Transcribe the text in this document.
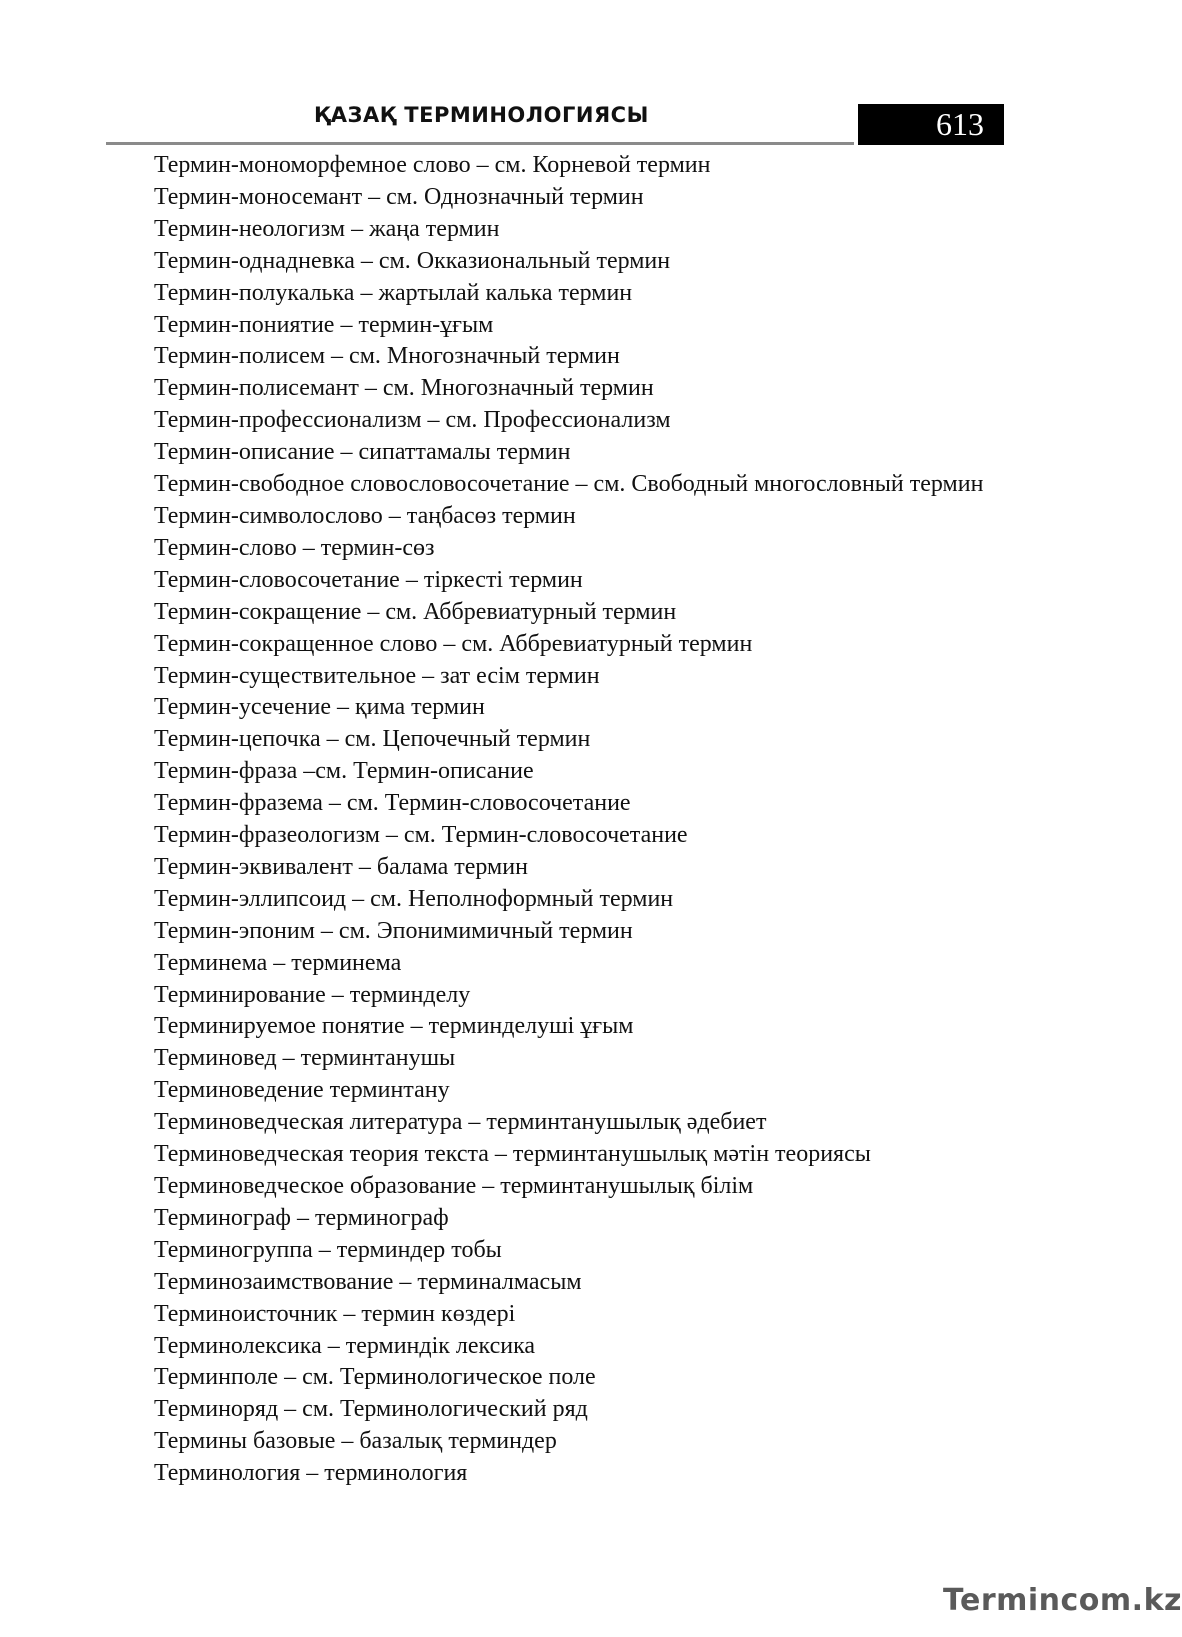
ҚАЗАҚ ТЕРМИНОЛОГИЯСЫ	613
Термин-мономорфемное слово – см. Корневой термин
Термин-моносемант – см. Однозначный термин
Термин-неологизм – жаңа термин
Термин-однадневка – см. Окказиональный термин
Термин-полукалька – жартылай калька термин
Термин-пониятие – термин-ұғым
Термин-полисем – см. Многозначный термин
Термин-полисемант – см. Многозначный термин
Термин-профессионализм – см. Профессионализм
Термин-описание – сипаттамалы термин
Термин-свободное словословосочетание – см. Свободный многословный термин
Термин-символослово – таңбасөз термин
Термин-слово – термин-сөз
Термин-словосочетание – тіркесті термин
Термин-сокращение – см. Аббревиатурный термин
Термин-сокращенное слово – см. Аббревиатурный термин
Термин-существительное – зат есім термин
Термин-усечение – қима термин
Термин-цепочка – см. Цепочечный термин
Термин-фраза –см. Термин-описание
Термин-фразема – см. Термин-словосочетание
Термин-фразеологизм – см. Термин-словосочетание
Термин-эквивалент – балама термин
Термин-эллипсоид – см. Неполноформный термин
Термин-эпоним – см. Эпонимимичный термин
Терминема – терминема
Терминирование – терминделу
Терминируемое понятие – терминделуші ұғым
Терминовед – терминтанушы
Терминоведение терминтану
Терминоведческая литература – терминтанушылық әдебиет
Терминоведческая теория текста – терминтанушылық мәтін теориясы
Терминоведческое образование – терминтанушылық білім
Терминограф – терминограф
Терминогруппа – терминдер тобы
Терминозаимствование – терминалмасым
Терминоисточник – термин көздері
Терминолексика – терминдік лексика
Терминполе – см. Терминологическое поле
Терминоряд – см. Терминологический ряд
Термины базовые – базалық терминдер
Терминология – терминология
Termincom.kz
